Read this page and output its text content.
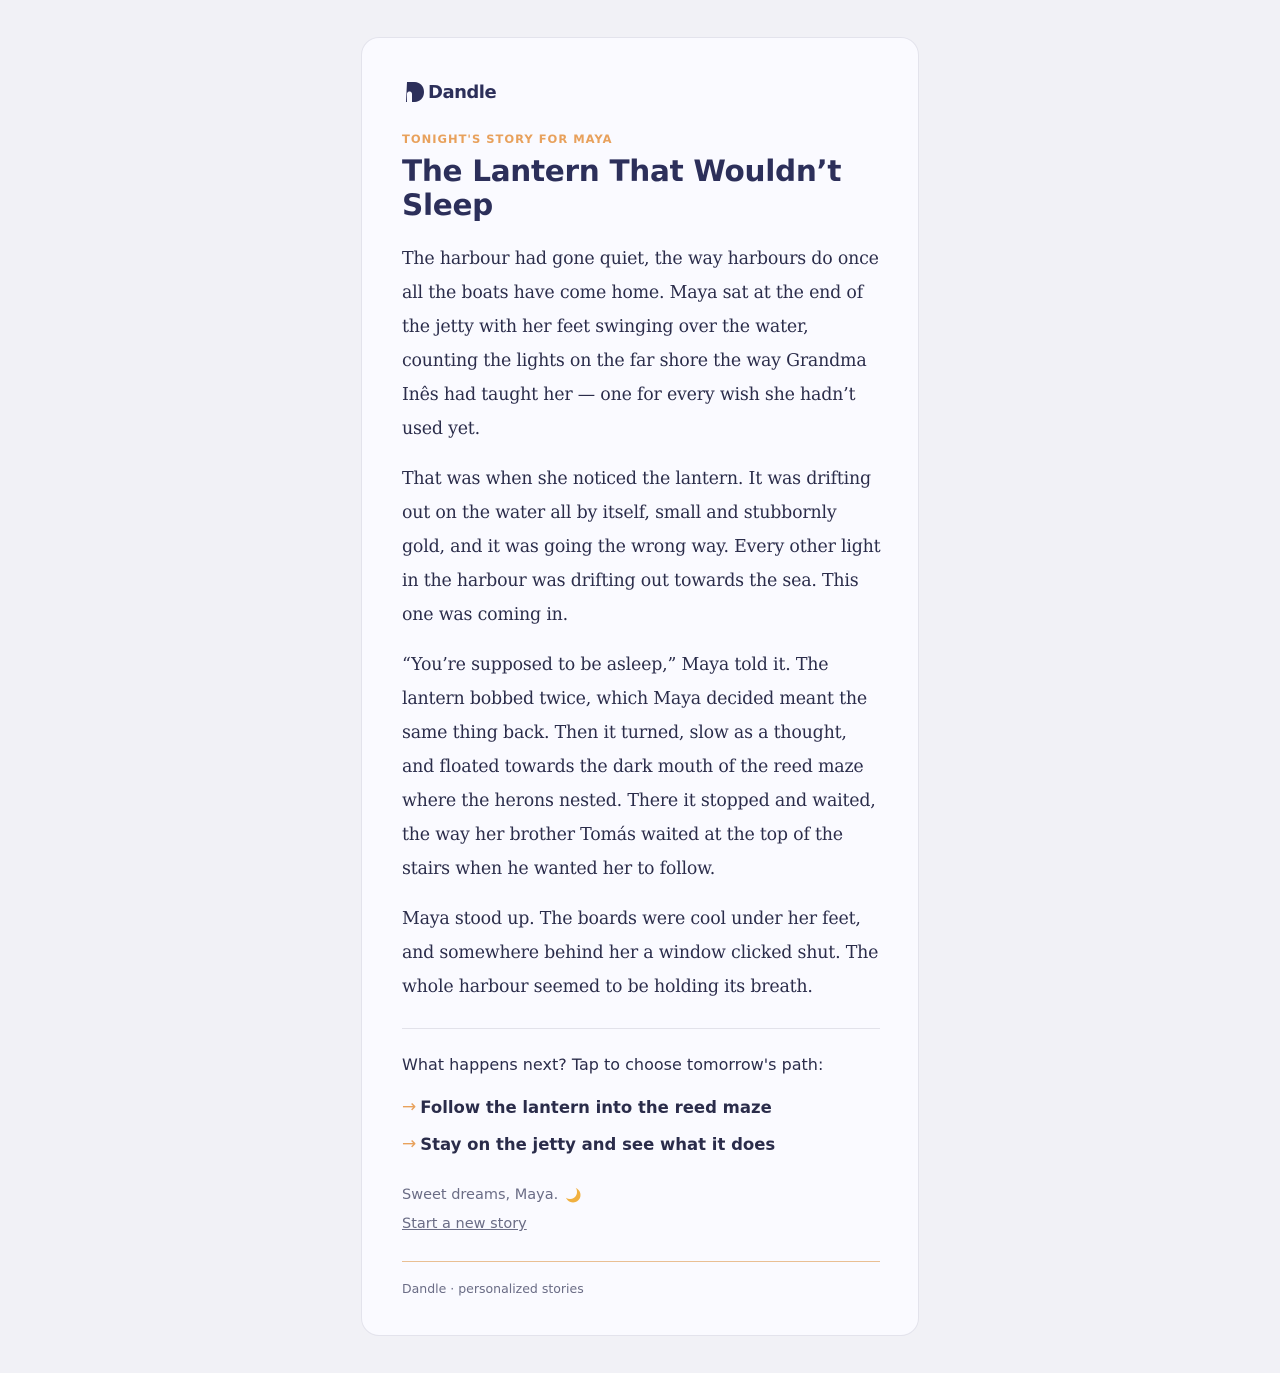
Dandle

TONIGHT'S STORY FOR MAYA

The Lantern That Wouldn’t Sleep

The harbour had gone quiet, the way harbours do once all the boats have come home. Maya sat at the end of the jetty with her feet swinging over the water, counting the lights on the far shore the way Grandma Inês had taught her — one for every wish she hadn’t used yet.

That was when she noticed the lantern. It was drifting out on the water all by itself, small and stubbornly gold, and it was going the wrong way. Every other light in the harbour was drifting out towards the sea. This one was coming in.

“You’re supposed to be asleep,” Maya told it. The lantern bobbed twice, which Maya decided meant the same thing back. Then it turned, slow as a thought, and floated towards the dark mouth of the reed maze where the herons nested. There it stopped and waited, the way her brother Tomás waited at the top of the stairs when he wanted her to follow.

Maya stood up. The boards were cool under her feet, and somewhere behind her a window clicked shut. The whole harbour seemed to be holding its breath.

What happens next? Tap to choose tomorrow's path:

→ Follow the lantern into the reed maze
→ Stay on the jetty and see what it does

Sweet dreams, Maya.

Start a new story

Dandle · personalized stories
